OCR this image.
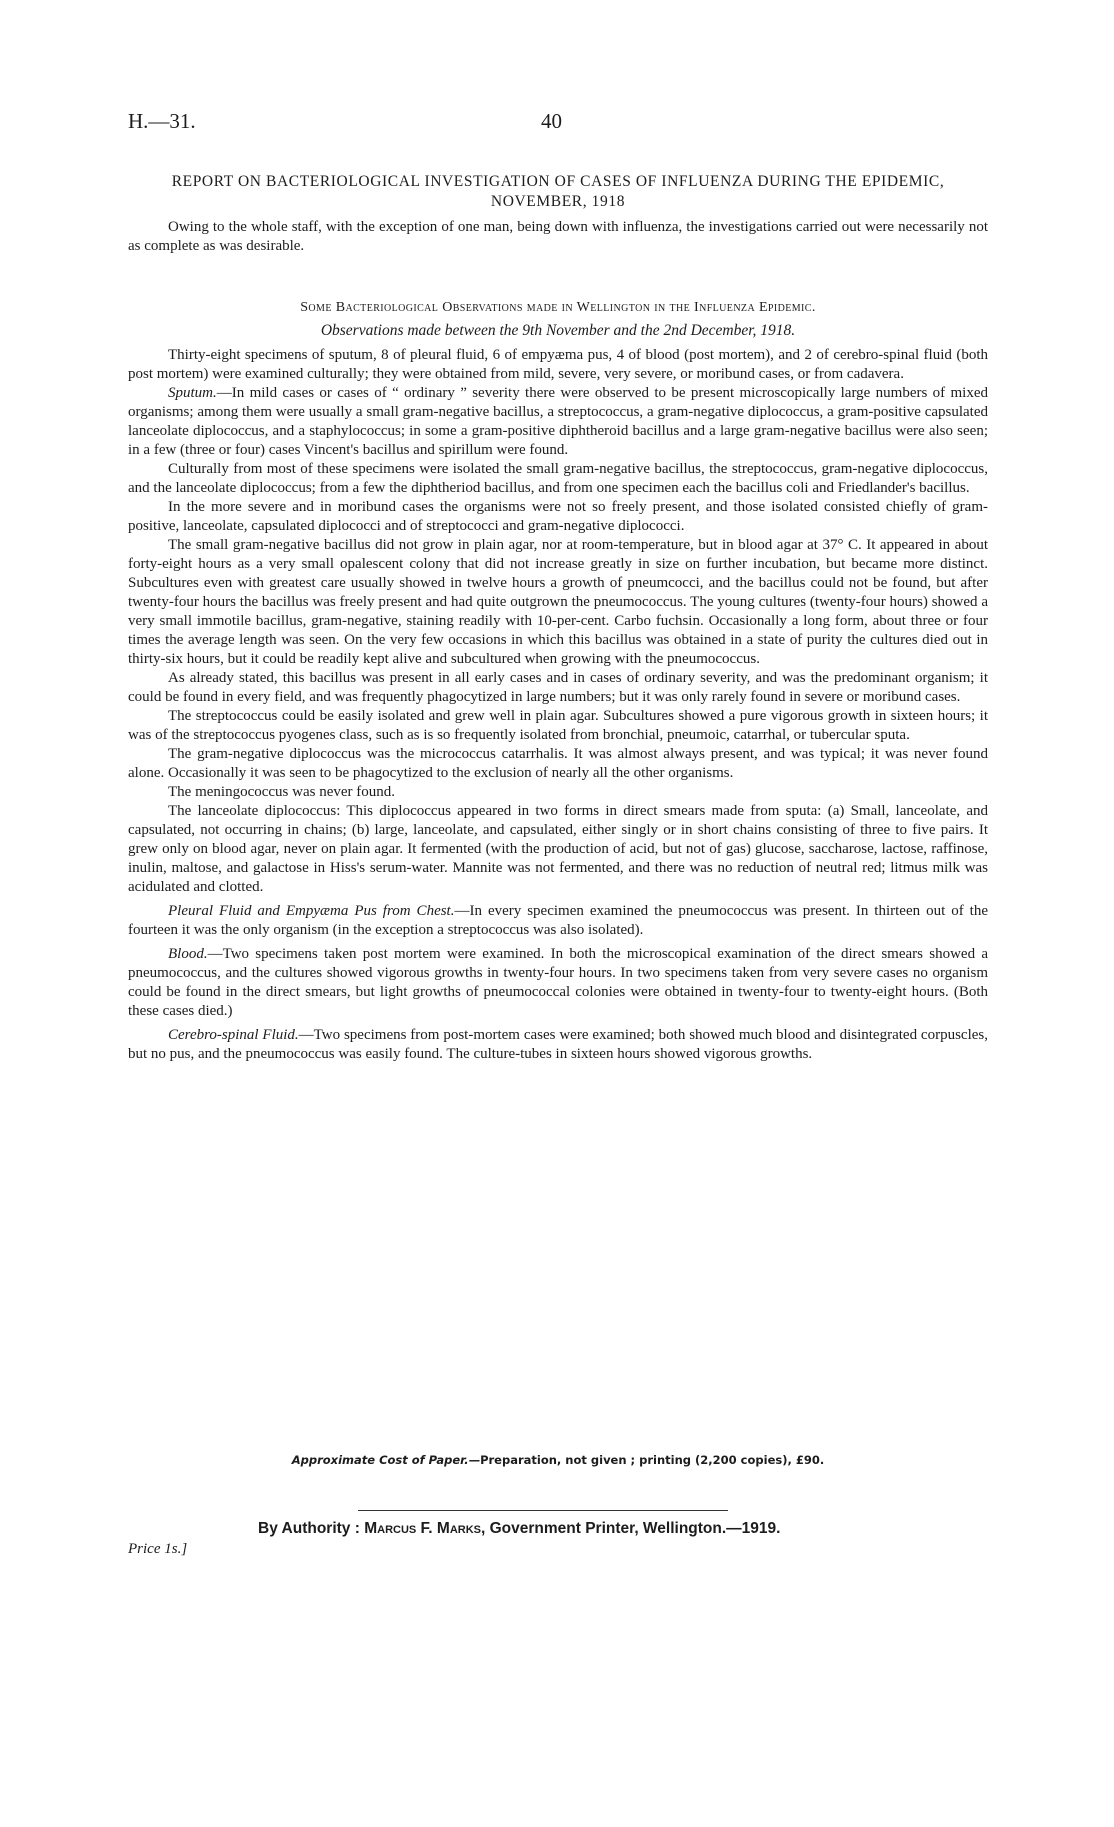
H.—31.	40
REPORT ON BACTERIOLOGICAL INVESTIGATION OF CASES OF INFLUENZA DURING THE EPIDEMIC, NOVEMBER, 1918

Owing to the whole staff, with the exception of one man, being down with influenza, the investigations carried out were necessarily not as complete as was desirable.

Some Bacteriological Observations made in Wellington in the Influenza Epidemic.
Observations made between the 9th November and the 2nd December, 1918.

Thirty-eight specimens of sputum, 8 of pleural fluid, 6 of empyæma pus, 4 of blood (post mortem), and 2 of cerebro-spinal fluid (both post mortem) were examined culturally; they were obtained from mild, severe, very severe, or moribund cases, or from cadavera.

Sputum.—In mild cases or cases of “ ordinary ” severity there were observed to be present microscopically large numbers of mixed organisms; among them were usually a small gram-negative bacillus, a streptococcus, a gram-negative diplococcus, a gram-positive capsulated lanceolate diplococcus, and a staphylococcus; in some a gram-positive diphtheroid bacillus and a large gram-negative bacillus were also seen; in a few (three or four) cases Vincent's bacillus and spirillum were found.

Culturally from most of these specimens were isolated the small gram-negative bacillus, the streptococcus, gram-negative diplococcus, and the lanceolate diplococcus; from a few the diphtheriod bacillus, and from one specimen each the bacillus coli and Friedlander's bacillus.

In the more severe and in moribund cases the organisms were not so freely present, and those isolated consisted chiefly of gram-positive, lanceolate, capsulated diplococci and of streptococci and gram-negative diplococci.

The small gram-negative bacillus did not grow in plain agar, nor at room-temperature, but in blood agar at 37° C. It appeared in about forty-eight hours as a very small opalescent colony that did not increase greatly in size on further incubation, but became more distinct. Subcultures even with greatest care usually showed in twelve hours a growth of pneumcocci, and the bacillus could not be found, but after twenty-four hours the bacillus was freely present and had quite outgrown the pneumococcus. The young cultures (twenty-four hours) showed a very small immotile bacillus, gram-negative, staining readily with 10-per-cent. Carbo fuchsin. Occasionally a long form, about three or four times the average length was seen. On the very few occasions in which this bacillus was obtained in a state of purity the cultures died out in thirty-six hours, but it could be readily kept alive and subcultured when growing with the pneumococcus.

As already stated, this bacillus was present in all early cases and in cases of ordinary severity, and was the predominant organism; it could be found in every field, and was frequently phagocytized in large numbers; but it was only rarely found in severe or moribund cases.

The streptococcus could be easily isolated and grew well in plain agar. Subcultures showed a pure vigorous growth in sixteen hours; it was of the streptococcus pyogenes class, such as is so frequently isolated from bronchial, pneumoic, catarrhal, or tubercular sputa.

The gram-negative diplococcus was the micrococcus catarrhalis. It was almost always present, and was typical; it was never found alone. Occasionally it was seen to be phagocytized to the exclusion of nearly all the other organisms.

The meningococcus was never found.

The lanceolate diplococcus: This diplococcus appeared in two forms in direct smears made from sputa: (a) Small, lanceolate, and capsulated, not occurring in chains; (b) large, lanceolate, and capsulated, either singly or in short chains consisting of three to five pairs. It grew only on blood agar, never on plain agar. It fermented (with the production of acid, but not of gas) glucose, saccharose, lactose, raffinose, inulin, maltose, and galactose in Hiss's serum-water. Mannite was not fermented, and there was no reduction of neutral red; litmus milk was acidulated and clotted.

Pleural Fluid and Empyæma Pus from Chest.—In every specimen examined the pneumococcus was present. In thirteen out of the fourteen it was the only organism (in the exception a streptococcus was also isolated).

Blood.—Two specimens taken post mortem were examined. In both the microscopical examination of the direct smears showed a pneumococcus, and the cultures showed vigorous growths in twenty-four hours. In two specimens taken from very severe cases no organism could be found in the direct smears, but light growths of pneumococcal colonies were obtained in twenty-four to twenty-eight hours. (Both these cases died.)

Cerebro-spinal Fluid.—Two specimens from post-mortem cases were examined; both showed much blood and disintegrated corpuscles, but no pus, and the pneumococcus was easily found. The culture-tubes in sixteen hours showed vigorous growths.

Approximate Cost of Paper.—Preparation, not given ; printing (2,200 copies), £90.
By Authority : Marcus F. Marks, Government Printer, Wellington.—1919.
Price 1s.]
